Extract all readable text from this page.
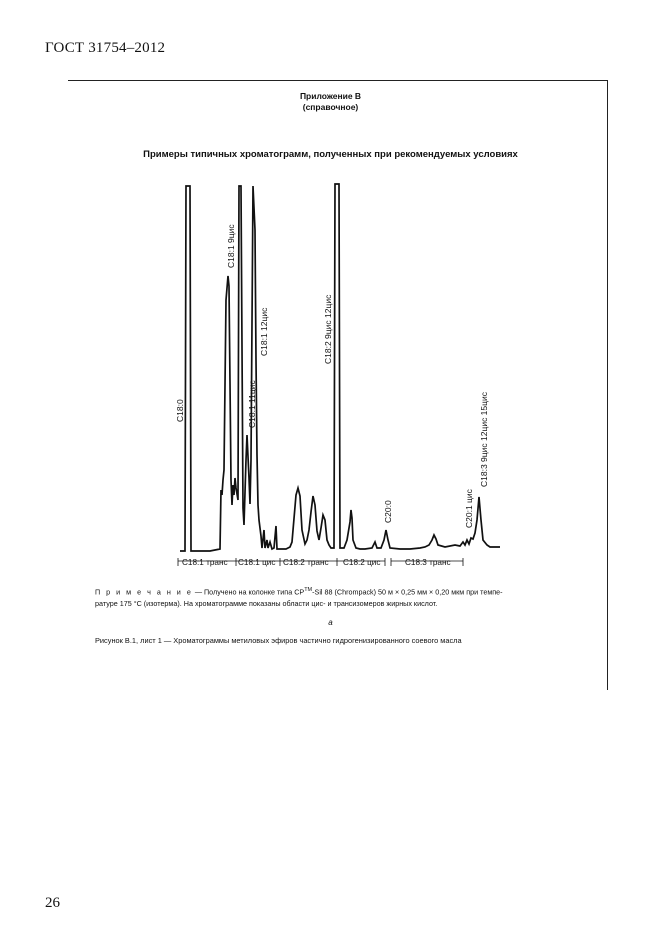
ГОСТ 31754–2012
Приложение В
(справочное)
Примеры типичных хроматограмм, полученных при рекомендуемых условиях
C18:0
C18:1 9цис
C18:1 11цис
C18:1 12цис	C18:2 9цис 12цис
C20:0	C20:1 цис
C18:3 9цис 12цис 15цис
C18:1 транс C18:1 цис C18:2 транс C18:2 цис	C18:3 транс
П р и м е ч а н и е — Получено на колонке типа CP™-Sil 88 (Chrompack) 50 м × 0,25 мм × 0,20 мкм при темпе-
ратуре 175 °С (изотерма). На хроматограмме показаны области цис- и трансизомеров жирных кислот.
а
Рисунок В.1, лист 1 — Хроматограммы метиловых эфиров частично гидрогенизированного соевого масла
26
